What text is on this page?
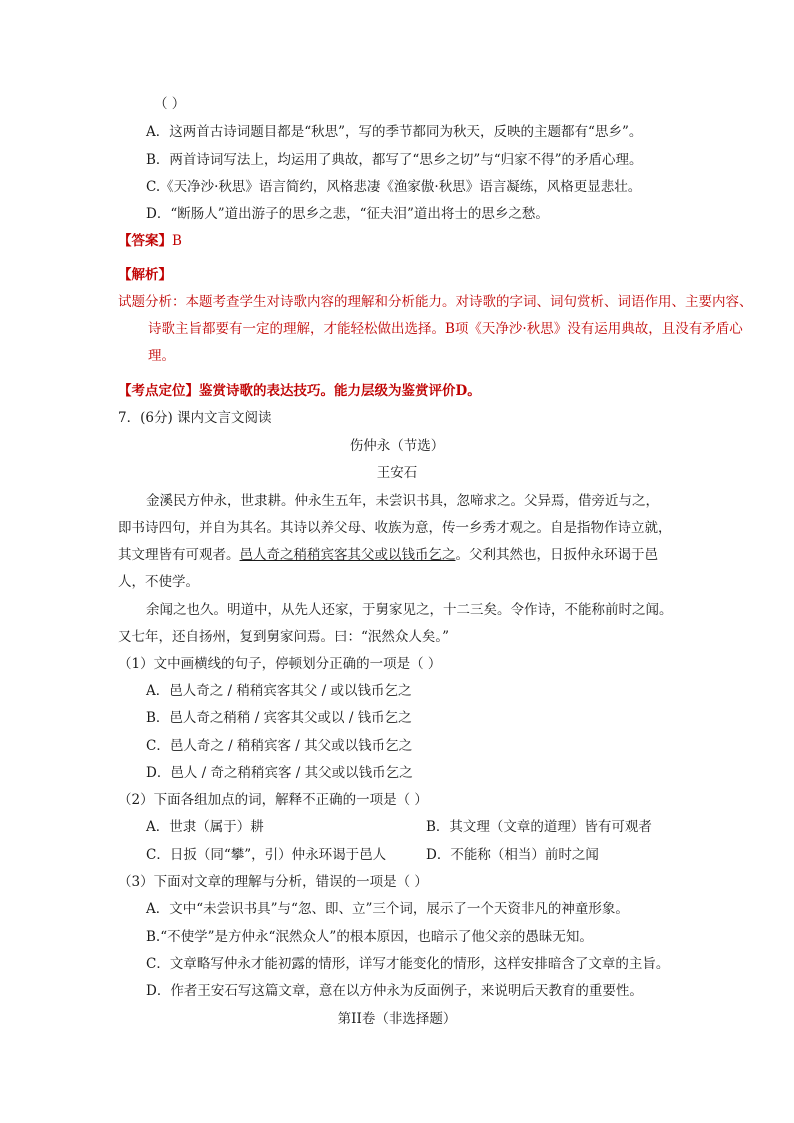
（ ）
A．这两首古诗词题目都是“秋思”，写的季节都同为秋天，反映的主题都有“思乡”。
B．两首诗词写法上，均运用了典故，都写了“思乡之切”与“归家不得”的矛盾心理。
C.《天净沙·秋思》语言简约，风格悲凄《渔家傲·秋思》语言凝练，风格更显悲壮。
D．“断肠人”道出游子的思乡之悲，“征夫泪”道出将士的思乡之愁。
【答案】B
【解析】
试题分析：本题考查学生对诗歌内容的理解和分析能力。对诗歌的字词、词句赏析、词语作用、主要内容、
诗歌主旨都要有一定的理解，才能轻松做出选择。B项《天净沙·秋思》没有运用典故，且没有矛盾心
理。
【考点定位】鉴赏诗歌的表达技巧。能力层级为鉴赏评价D。
7．(6分) 课内文言文阅读
伤仲永（节选）
王安石
金溪民方仲永，世隶耕。仲永生五年，未尝识书具，忽啼求之。父异焉，借旁近与之，
即书诗四句，并自为其名。其诗以养父母、收族为意，传一乡秀才观之。自是指物作诗立就，
其文理皆有可观者。邑人奇之稍稍宾客其父或以钱币乞之。父利其然也，日扳仲永环谒于邑
人，不使学。
余闻之也久。明道中，从先人还家，于舅家见之，十二三矣。令作诗，不能称前时之闻。
又七年，还自扬州，复到舅家问焉。曰：“泯然众人矣。”
（1）文中画横线的句子，停顿划分正确的一项是（ ）
A．邑人奇之 / 稍稍宾客其父 / 或以钱币乞之
B．邑人奇之稍稍 / 宾客其父或以 / 钱币乞之
C．邑人奇之 / 稍稍宾客 / 其父或以钱币乞之
D．邑人 / 奇之稍稍宾客 / 其父或以钱币乞之
（2）下面各组加点的词，解释不正确的一项是（ ）
A．世隶（属于）耕	B．其文理（文章的道理）皆有可观者
C．日扳（同“攀”，引）仲永环谒于邑人	D．不能称（相当）前时之闻
（3）下面对文章的理解与分析，错误的一项是（ ）
A．文中“未尝识书具”与“忽、即、立”三个词，展示了一个天资非凡的神童形象。
B.“不使学”是方仲永“泯然众人”的根本原因，也暗示了他父亲的愚昧无知。
C．文章略写仲永才能初露的情形，详写才能变化的情形，这样安排暗含了文章的主旨。
D．作者王安石写这篇文章，意在以方仲永为反面例子，来说明后天教育的重要性。
第II卷（非选择题）
